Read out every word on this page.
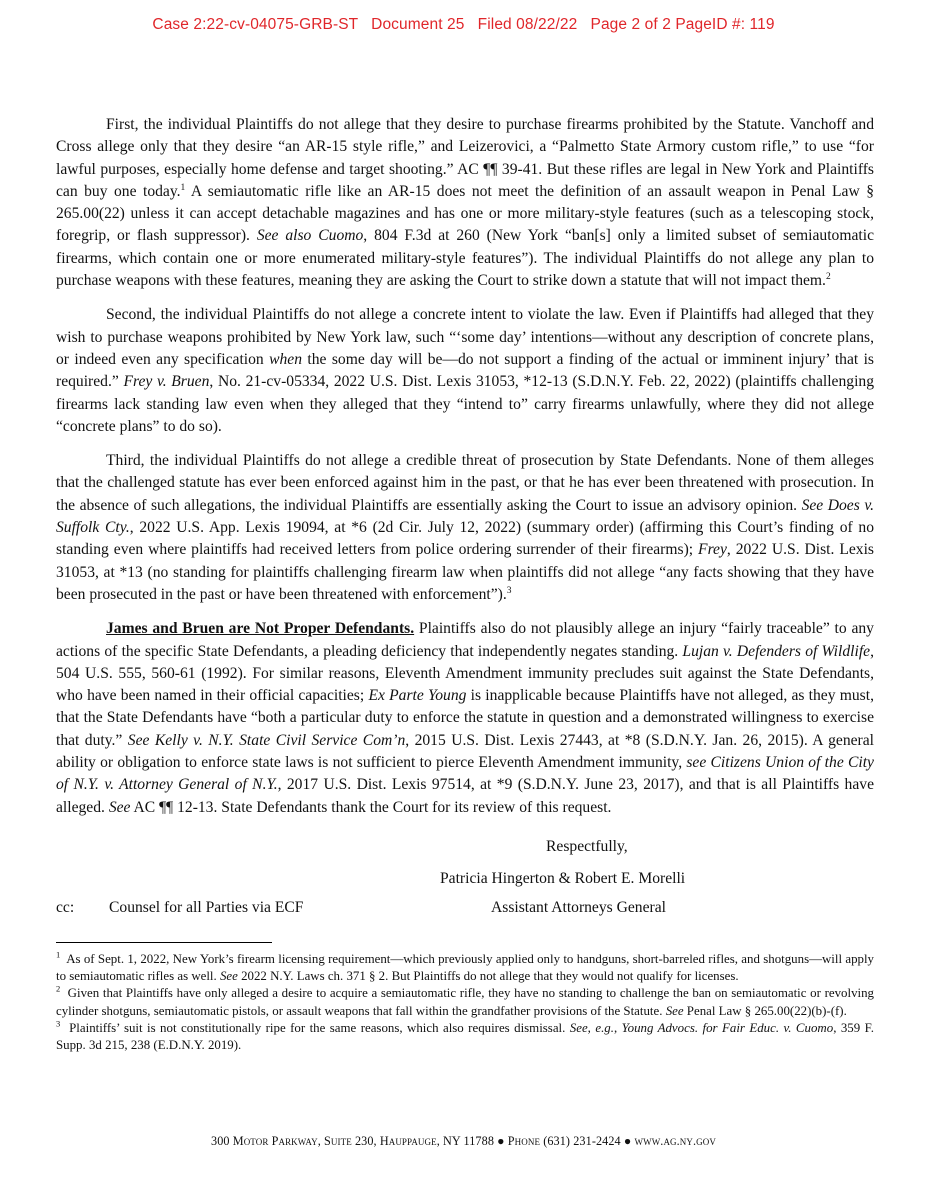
Case 2:22-cv-04075-GRB-ST   Document 25   Filed 08/22/22   Page 2 of 2 PageID #: 119

First, the individual Plaintiffs do not allege that they desire to purchase firearms prohibited by the Statute. Vanchoff and Cross allege only that they desire “an AR-15 style rifle,” and Leizerovici, a “Palmetto State Armory custom rifle,” to use “for lawful purposes, especially home defense and target shooting.” AC ¶¶ 39-41. But these rifles are legal in New York and Plaintiffs can buy one today.$^1$ A semiautomatic rifle like an AR-15 does not meet the definition of an assault weapon in Penal Law § 265.00(22) unless it can accept detachable magazines and has one or more military-style features (such as a telescoping stock, foregrip, or flash suppressor). See also Cuomo, 804 F.3d at 260 (New York “ban[s] only a limited subset of semiautomatic firearms, which contain one or more enumerated military-style features”). The individual Plaintiffs do not allege any plan to purchase weapons with these features, meaning they are asking the Court to strike down a statute that will not impact them.$^2$

Second, the individual Plaintiffs do not allege a concrete intent to violate the law. Even if Plaintiffs had alleged that they wish to purchase weapons prohibited by New York law, such “‘some day’ intentions—without any description of concrete plans, or indeed even any specification when the some day will be—do not support a finding of the actual or imminent injury’ that is required.” Frey v. Bruen, No. 21-cv-05334, 2022 U.S. Dist. Lexis 31053, *12-13 (S.D.N.Y. Feb. 22, 2022) (plaintiffs challenging firearms lack standing law even when they alleged that they “intend to” carry firearms unlawfully, where they did not allege “concrete plans” to do so).

Third, the individual Plaintiffs do not allege a credible threat of prosecution by State Defendants. None of them alleges that the challenged statute has ever been enforced against him in the past, or that he has ever been threatened with prosecution. In the absence of such allegations, the individual Plaintiffs are essentially asking the Court to issue an advisory opinion. See Does v. Suffolk Cty., 2022 U.S. App. Lexis 19094, at *6 (2d Cir. July 12, 2022) (summary order) (affirming this Court’s finding of no standing even where plaintiffs had received letters from police ordering surrender of their firearms); Frey, 2022 U.S. Dist. Lexis 31053, at *13 (no standing for plaintiffs challenging firearm law when plaintiffs did not allege “any facts showing that they have been prosecuted in the past or have been threatened with enforcement”).$^3$

James and Bruen are Not Proper Defendants. Plaintiffs also do not plausibly allege an injury “fairly traceable” to any actions of the specific State Defendants, a pleading deficiency that independently negates standing. Lujan v. Defenders of Wildlife, 504 U.S. 555, 560-61 (1992). For similar reasons, Eleventh Amendment immunity precludes suit against the State Defendants, who have been named in their official capacities; Ex Parte Young is inapplicable because Plaintiffs have not alleged, as they must, that the State Defendants have “both a particular duty to enforce the statute in question and a demonstrated willingness to exercise that duty.” See Kelly v. N.Y. State Civil Service Com’n, 2015 U.S. Dist. Lexis 27443, at *8 (S.D.N.Y. Jan. 26, 2015). A general ability or obligation to enforce state laws is not sufficient to pierce Eleventh Amendment immunity, see Citizens Union of the City of N.Y. v. Attorney General of N.Y., 2017 U.S. Dist. Lexis 97514, at *9 (S.D.N.Y. June 23, 2017), and that is all Plaintiffs have alleged. See AC ¶¶ 12-13. State Defendants thank the Court for its review of this request.

Respectfully,
Patricia Hingerton & Robert E. Morelli
Assistant Attorneys General
cc: Counsel for all Parties via ECF
$^1$ As of Sept. 1, 2022, New York’s firearm licensing requirement—which previously applied only to handguns, short-barreled rifles, and shotguns—will apply to semiautomatic rifles as well. See 2022 N.Y. Laws ch. 371 § 2. But Plaintiffs do not allege that they would not qualify for licenses.
$^2$ Given that Plaintiffs have only alleged a desire to acquire a semiautomatic rifle, they have no standing to challenge the ban on semiautomatic or revolving cylinder shotguns, semiautomatic pistols, or assault weapons that fall within the grandfather provisions of the Statute. See Penal Law § 265.00(22)(b)-(f).
$^3$ Plaintiffs’ suit is not constitutionally ripe for the same reasons, which also requires dismissal. See, e.g., Young Advocs. for Fair Educ. v. Cuomo, 359 F. Supp. 3d 215, 238 (E.D.N.Y. 2019).
300 Motor Parkway, Suite 230, Hauppauge, NY 11788 ● Phone (631) 231-2424 ● www.ag.ny.gov
